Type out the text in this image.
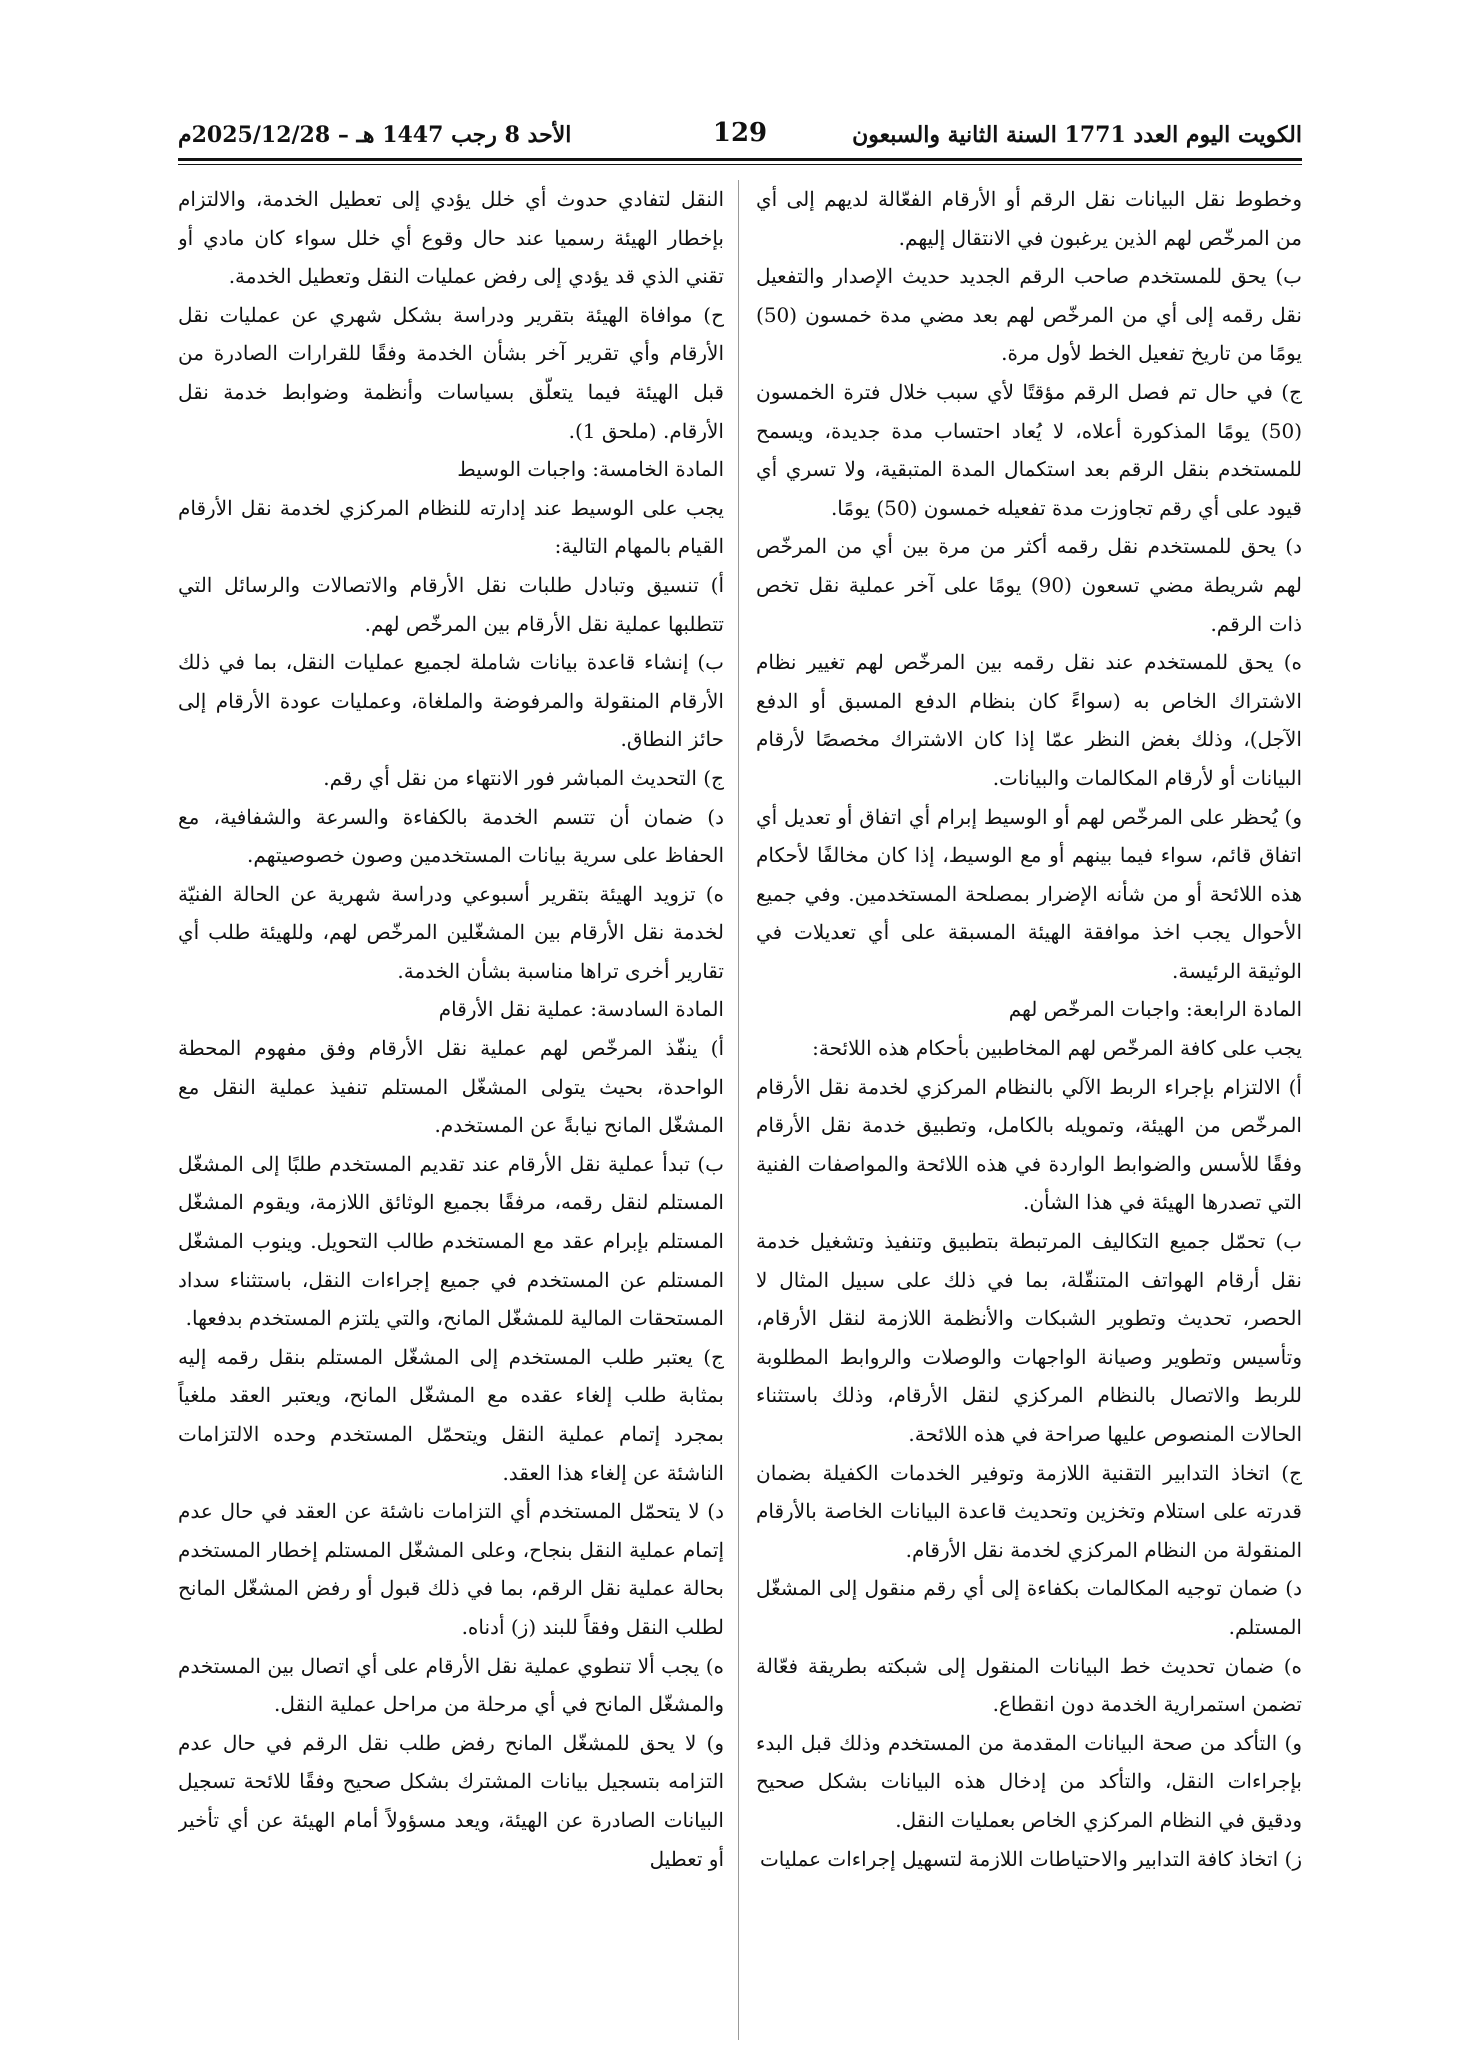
الكويت اليوم العدد 1771 السنة الثانية والسبعون
129
الأحد 8 رجب 1447 هـ – 2025/12/28م

وخطوط نقل البيانات نقل الرقم أو الأرقام الفعّالة لديهم إلى أي من المرخّص لهم الذين يرغبون في الانتقال إليهم.

ب) يحق للمستخدم صاحب الرقم الجديد حديث الإصدار والتفعيل نقل رقمه إلى أي من المرخّص لهم بعد مضي مدة خمسون (50) يومًا من تاريخ تفعيل الخط لأول مرة.

ج) في حال تم فصل الرقم مؤقتًا لأي سبب خلال فترة الخمسون (50) يومًا المذكورة أعلاه، لا يُعاد احتساب مدة جديدة، ويسمح للمستخدم بنقل الرقم بعد استكمال المدة المتبقية، ولا تسري أي قيود على أي رقم تجاوزت مدة تفعيله خمسون (50) يومًا.

د) يحق للمستخدم نقل رقمه أكثر من مرة بين أي من المرخّص لهم شريطة مضي تسعون (90) يومًا على آخر عملية نقل تخص ذات الرقم.

ه) يحق للمستخدم عند نقل رقمه بين المرخّص لهم تغيير نظام الاشتراك الخاص به (سواءً كان بنظام الدفع المسبق أو الدفع الآجل)، وذلك بغض النظر عمّا إذا كان الاشتراك مخصصًا لأرقام البيانات أو لأرقام المكالمات والبيانات.

و) يُحظر على المرخّص لهم أو الوسيط إبرام أي اتفاق أو تعديل أي اتفاق قائم، سواء فيما بينهم أو مع الوسيط، إذا كان مخالفًا لأحكام هذه اللائحة أو من شأنه الإضرار بمصلحة المستخدمين. وفي جميع الأحوال يجب اخذ موافقة الهيئة المسبقة على أي تعديلات في الوثيقة الرئيسة.

المادة الرابعة: واجبات المرخّص لهم

يجب على كافة المرخّص لهم المخاطبين بأحكام هذه اللائحة:

أ) الالتزام بإجراء الربط الآلي بالنظام المركزي لخدمة نقل الأرقام المرخّص من الهيئة، وتمويله بالكامل، وتطبيق خدمة نقل الأرقام وفقًا للأسس والضوابط الواردة في هذه اللائحة والمواصفات الفنية التي تصدرها الهيئة في هذا الشأن.

ب) تحمّل جميع التكاليف المرتبطة بتطبيق وتنفيذ وتشغيل خدمة نقل أرقام الهواتف المتنقّلة، بما في ذلك على سبيل المثال لا الحصر، تحديث وتطوير الشبكات والأنظمة اللازمة لنقل الأرقام، وتأسيس وتطوير وصيانة الواجهات والوصلات والروابط المطلوبة للربط والاتصال بالنظام المركزي لنقل الأرقام، وذلك باستثناء الحالات المنصوص عليها صراحة في هذه اللائحة.

ج) اتخاذ التدابير التقنية اللازمة وتوفير الخدمات الكفيلة بضمان قدرته على استلام وتخزين وتحديث قاعدة البيانات الخاصة بالأرقام المنقولة من النظام المركزي لخدمة نقل الأرقام.

د) ضمان توجيه المكالمات بكفاءة إلى أي رقم منقول إلى المشغّل المستلم.

ه) ضمان تحديث خط البيانات المنقول إلى شبكته بطريقة فعّالة تضمن استمرارية الخدمة دون انقطاع.

و) التأكد من صحة البيانات المقدمة من المستخدم وذلك قبل البدء بإجراءات النقل، والتأكد من إدخال هذه البيانات بشكل صحيح ودقيق في النظام المركزي الخاص بعمليات النقل.

ز) اتخاذ كافة التدابير والاحتياطات اللازمة لتسهيل إجراءات عمليات

النقل لتفادي حدوث أي خلل يؤدي إلى تعطيل الخدمة، والالتزام بإخطار الهيئة رسميا عند حال وقوع أي خلل سواء كان مادي أو تقني الذي قد يؤدي إلى رفض عمليات النقل وتعطيل الخدمة.

ح) موافاة الهيئة بتقرير ودراسة بشكل شهري عن عمليات نقل الأرقام وأي تقرير آخر بشأن الخدمة وفقًا للقرارات الصادرة من قبل الهيئة فيما يتعلّق بسياسات وأنظمة وضوابط خدمة نقل الأرقام. (ملحق 1).

المادة الخامسة: واجبات الوسيط

يجب على الوسيط عند إدارته للنظام المركزي لخدمة نقل الأرقام القيام بالمهام التالية:

أ) تنسيق وتبادل طلبات نقل الأرقام والاتصالات والرسائل التي تتطلبها عملية نقل الأرقام بين المرخّص لهم.

ب) إنشاء قاعدة بيانات شاملة لجميع عمليات النقل، بما في ذلك الأرقام المنقولة والمرفوضة والملغاة، وعمليات عودة الأرقام إلى حائز النطاق.

ج) التحديث المباشر فور الانتهاء من نقل أي رقم.

د) ضمان أن تتسم الخدمة بالكفاءة والسرعة والشفافية، مع الحفاظ على سرية بيانات المستخدمين وصون خصوصيتهم.

ه) تزويد الهيئة بتقرير أسبوعي ودراسة شهرية عن الحالة الفنيّة لخدمة نقل الأرقام بين المشغّلين المرخّص لهم، وللهيئة طلب أي تقارير أخرى تراها مناسبة بشأن الخدمة.

المادة السادسة: عملية نقل الأرقام

أ) ينفّذ المرخّص لهم عملية نقل الأرقام وفق مفهوم المحطة الواحدة، بحيث يتولى المشغّل المستلم تنفيذ عملية النقل مع المشغّل المانح نيابةً عن المستخدم.

ب) تبدأ عملية نقل الأرقام عند تقديم المستخدم طلبًا إلى المشغّل المستلم لنقل رقمه، مرفقًا بجميع الوثائق اللازمة، ويقوم المشغّل المستلم بإبرام عقد مع المستخدم طالب التحويل. وينوب المشغّل المستلم عن المستخدم في جميع إجراءات النقل، باستثناء سداد المستحقات المالية للمشغّل المانح، والتي يلتزم المستخدم بدفعها.

ج) يعتبر طلب المستخدم إلى المشغّل المستلم بنقل رقمه إليه بمثابة طلب إلغاء عقده مع المشغّل المانح، ويعتبر العقد ملغياً بمجرد إتمام عملية النقل ويتحمّل المستخدم وحده الالتزامات الناشئة عن إلغاء هذا العقد.

د) لا يتحمّل المستخدم أي التزامات ناشئة عن العقد في حال عدم إتمام عملية النقل بنجاح، وعلى المشغّل المستلم إخطار المستخدم بحالة عملية نقل الرقم، بما في ذلك قبول أو رفض المشغّل المانح لطلب النقل وفقاً للبند (ز) أدناه.

ه) يجب ألا تنطوي عملية نقل الأرقام على أي اتصال بين المستخدم والمشغّل المانح في أي مرحلة من مراحل عملية النقل.

و) لا يحق للمشغّل المانح رفض طلب نقل الرقم في حال عدم التزامه بتسجيل بيانات المشترك بشكل صحيح وفقًا للائحة تسجيل البيانات الصادرة عن الهيئة، ويعد مسؤولاً أمام الهيئة عن أي تأخير أو تعطيل
